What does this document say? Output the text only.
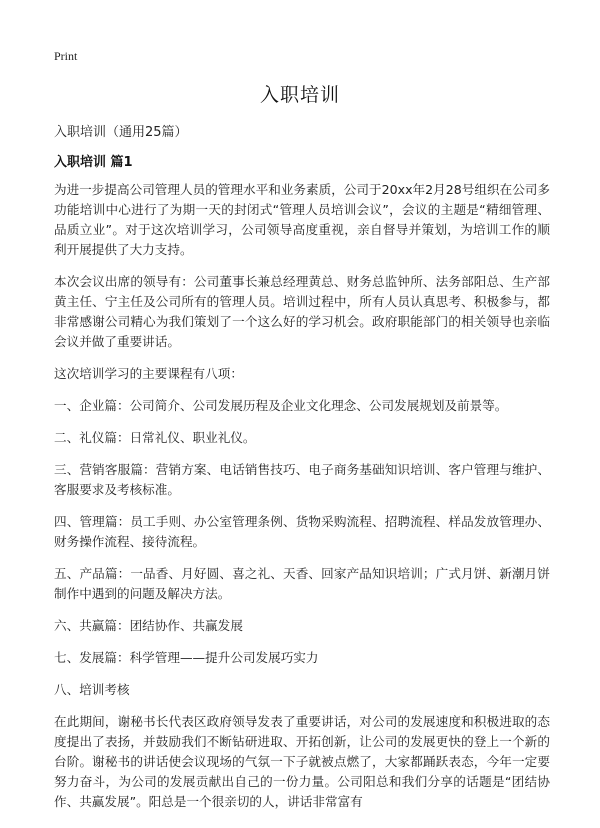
Print
入职培训
入职培训（通用25篇）
入职培训 篇1

为进一步提高公司管理人员的管理水平和业务素质，公司于20xx年2月28号组织在公司多功能培训中心进行了为期一天的封闭式“管理人员培训会议”，会议的主题是“精细管理、品质立业”。对于这次培训学习，公司领导高度重视，亲自督导并策划，为培训工作的顺利开展提供了大力支持。

本次会议出席的领导有：公司董事长兼总经理黄总、财务总监钟所、法务部阳总、生产部黄主任、宁主任及公司所有的管理人员。培训过程中，所有人员认真思考、积极参与，都非常感谢公司精心为我们策划了一个这么好的学习机会。政府职能部门的相关领导也亲临会议并做了重要讲话。

这次培训学习的主要课程有八项：

一、企业篇：公司简介、公司发展历程及企业文化理念、公司发展规划及前景等。

二、礼仪篇：日常礼仪、职业礼仪。

三、营销客服篇：营销方案、电话销售技巧、电子商务基础知识培训、客户管理与维护、客服要求及考核标准。

四、管理篇：员工手则、办公室管理条例、货物采购流程、招聘流程、样品发放管理办、财务操作流程、接待流程。

五、产品篇：一品香、月好圆、喜之礼、天香、回家产品知识培训；广式月饼、新潮月饼制作中遇到的问题及解决方法。

六、共赢篇：团结协作、共赢发展

七、发展篇：科学管理——提升公司发展巧实力

八、培训考核

在此期间，谢秘书长代表区政府领导发表了重要讲话，对公司的发展速度和积极进取的态度提出了表扬，并鼓励我们不断钻研进取、开拓创新，让公司的发展更快的登上一个新的台阶。谢秘书的讲话使会议现场的气氛一下子就被点燃了，大家都踊跃表态，今年一定要努力奋斗，为公司的发展贡献出自己的一份力量。公司阳总和我们分享的话题是“团结协作、共赢发展”。阳总是一个很亲切的人，讲话非常富有
